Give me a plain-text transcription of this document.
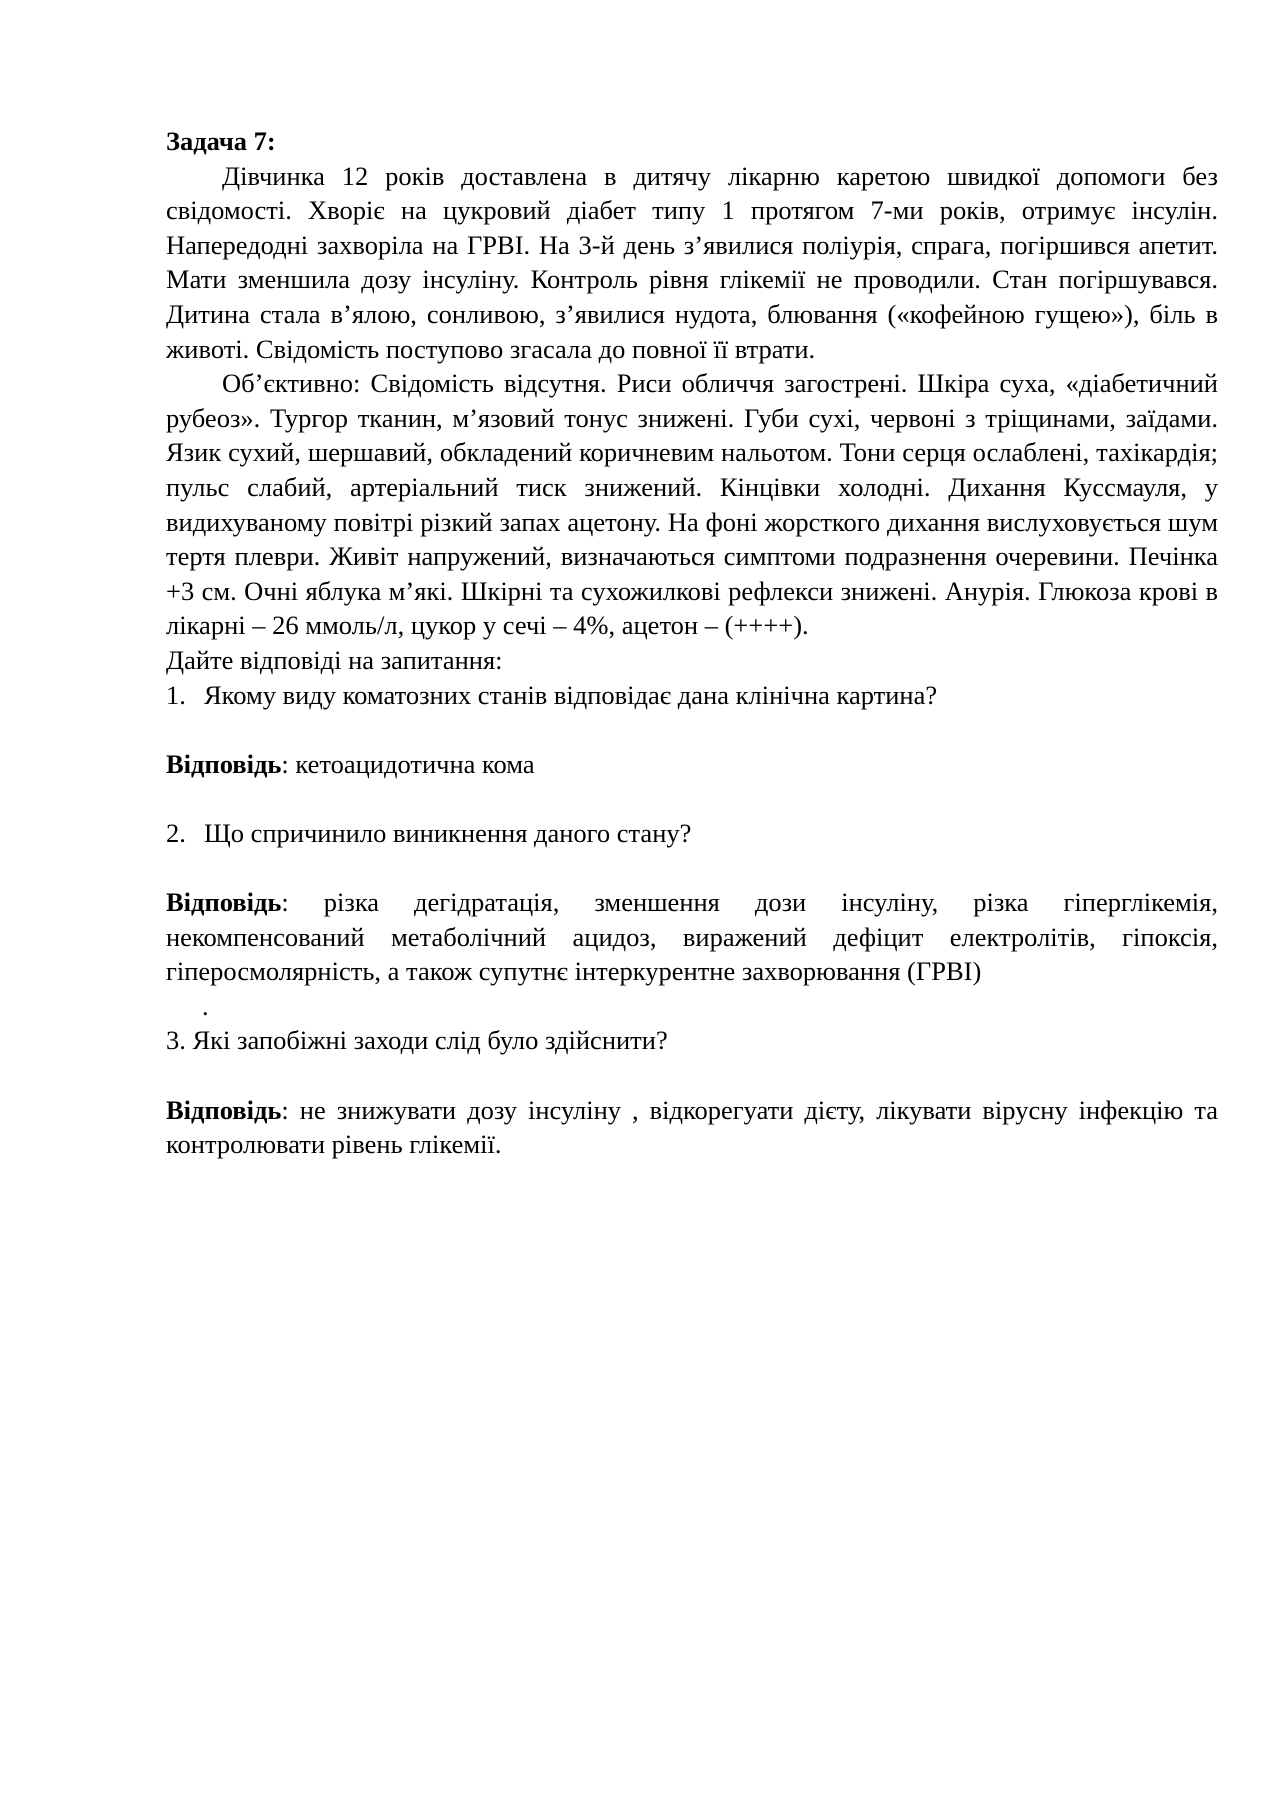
Задача 7:

Дівчинка 12 років доставлена в дитячу лікарню каретою швидкої допомоги без свідомості. Хворіє на цукровий діабет типу 1 протягом 7-ми років, отримує інсулін. Напередодні захворіла на ГРВІ. На 3-й день з’явилися поліурія, спрага, погіршився апетит. Мати зменшила дозу інсуліну. Контроль рівня глікемії не проводили. Стан погіршувався. Дитина стала в’ялою, сонливою, з’явилися нудота, блювання («кофейною гущею»), біль в животі. Свідомість поступово згасала до повної її втрати.

Об’єктивно: Свідомість відсутня. Риси обличчя загострені. Шкіра суха, «діабетичний рубеоз». Тургор тканин, м’язовий тонус знижені. Губи сухі, червоні з тріщинами, заїдами. Язик сухий, шершавий, обкладений коричневим нальотом. Тони серця ослаблені, тахікардія; пульс слабий, артеріальний тиск знижений. Кінцівки холодні. Дихання Куссмауля, у видихуваному повітрі різкий запах ацетону. На фоні жорсткого дихання вислуховується шум тертя плеври. Живіт напружений, визначаються симптоми подразнення очеревини. Печінка +3 см. Очні яблука м’які. Шкірні та сухожилкові рефлекси знижені. Анурія. Глюкоза крові в лікарні – 26 ммоль/л, цукор у сечі – 4%, ацетон – (++++).

Дайте відповіді на запитання:

1. Якому виду коматозних станів відповідає дана клінічна картина?

Відповідь: кетоацидотична кома

2. Що спричинило виникнення даного стану?

Відповідь: різка дегідратація, зменшення дози інсуліну, різка гіперглікемія, некомпенсований метаболічний ацидоз, виражений дефіцит електролітів, гіпоксія, гіперосмолярність, а також супутнє інтеркурентне захворювання (ГРВІ)

.

3. Які запобіжні заходи слід було здійснити?

Відповідь: не знижувати дозу інсуліну , відкорегуати дієту, лікувати вірусну інфекцію та контролювати рівень глікемії.
